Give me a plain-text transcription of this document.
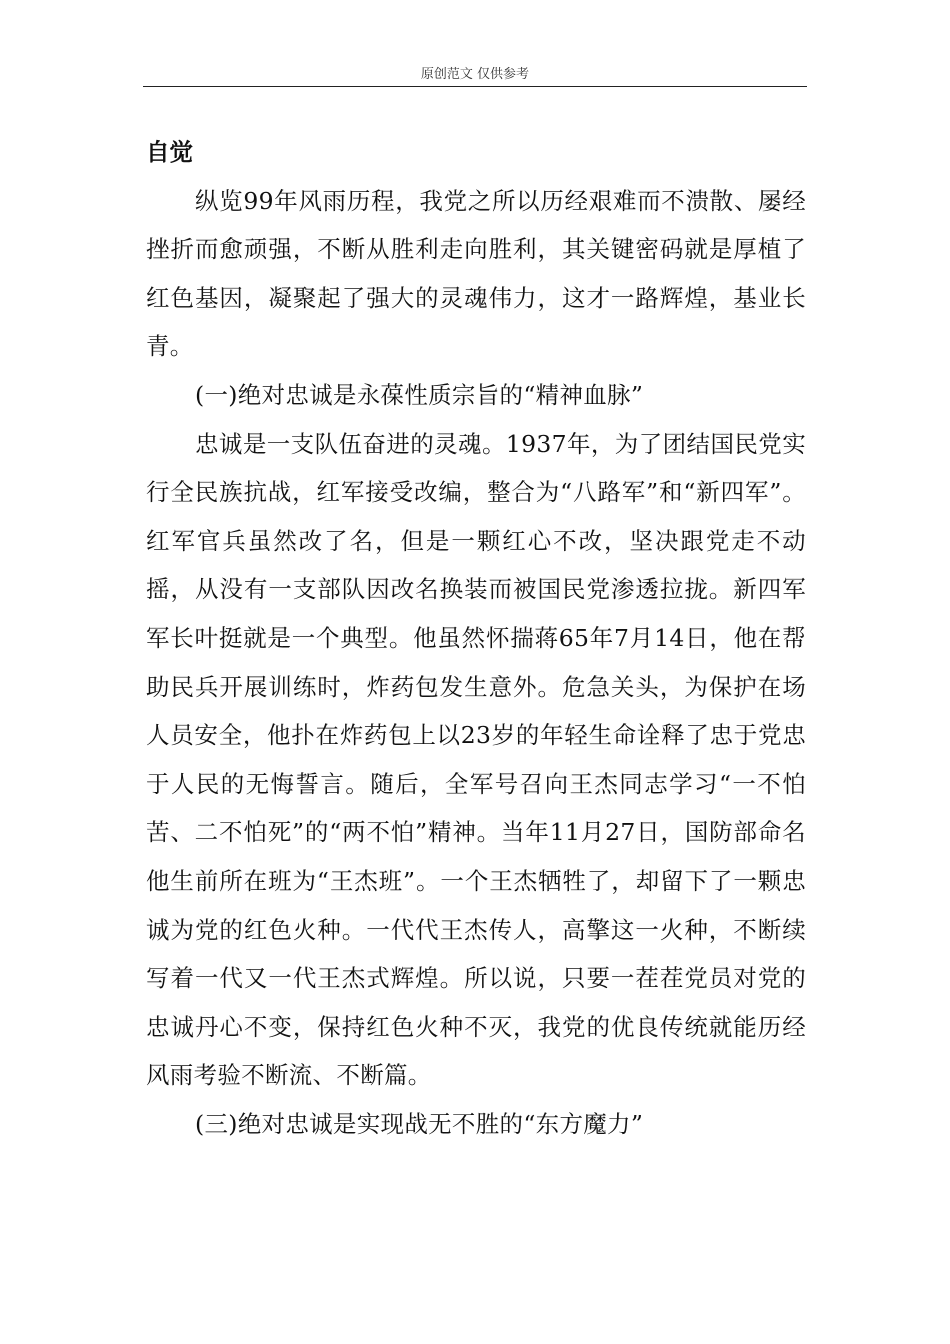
原创范文 仅供参考

自觉

纵览99年风雨历程，我党之所以历经艰难而不溃散、屡经挫折而愈顽强，不断从胜利走向胜利，其关键密码就是厚植了红色基因，凝聚起了强大的灵魂伟力，这才一路辉煌，基业长青。

(一)绝对忠诚是永葆性质宗旨的“精神血脉”

忠诚是一支队伍奋进的灵魂。1937年，为了团结国民党实行全民族抗战，红军接受改编，整合为“八路军”和“新四军”。红军官兵虽然改了名，但是一颗红心不改，坚决跟党走不动摇，从没有一支部队因改名换装而被国民党渗透拉拢。新四军军长叶挺就是一个典型。他虽然怀揣蒋65年7月14日，他在帮助民兵开展训练时，炸药包发生意外。危急关头，为保护在场人员安全，他扑在炸药包上以23岁的年轻生命诠释了忠于党忠于人民的无悔誓言。随后，全军号召向王杰同志学习“一不怕苦、二不怕死”的“两不怕”精神。当年11月27日，国防部命名他生前所在班为“王杰班”。一个王杰牺牲了，却留下了一颗忠诚为党的红色火种。一代代王杰传人，高擎这一火种，不断续写着一代又一代王杰式辉煌。所以说，只要一茬茬党员对党的忠诚丹心不变，保持红色火种不灭，我党的优良传统就能历经风雨考验不断流、不断篇。

(三)绝对忠诚是实现战无不胜的“东方魔力”
